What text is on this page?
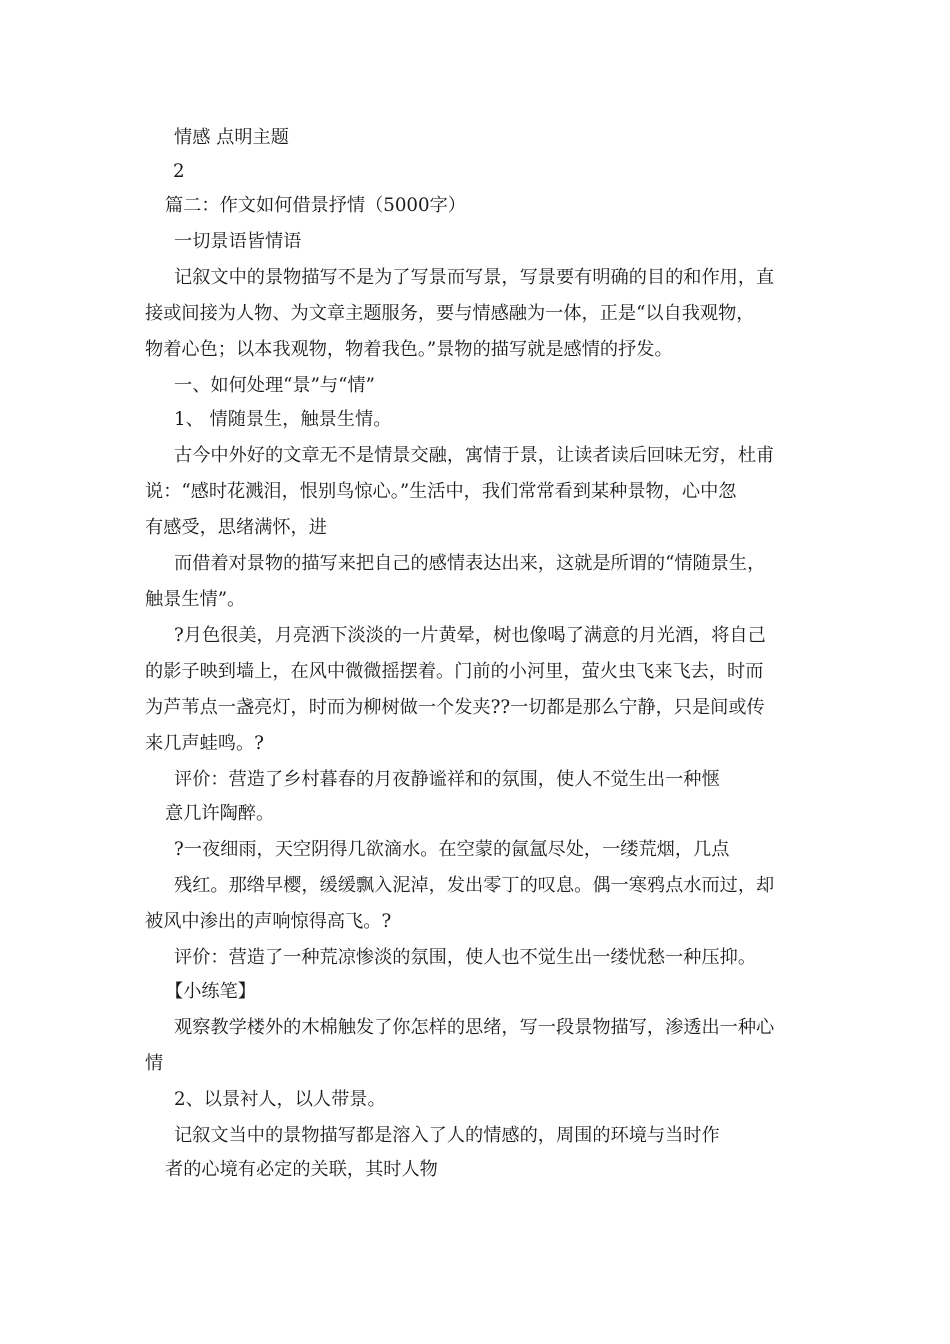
情感 点明主题

2

篇二：作文如何借景抒情（5000字）

一切景语皆情语

记叙文中的景物描写不是为了写景而写景，写景要有明确的目的和作用，直

接或间接为人物、为文章主题服务，要与情感融为一体，正是“以自我观物，

物着心色；以本我观物，物着我色。”景物的描写就是感情的抒发。

一、如何处理“景”与“情”

1、 情随景生，触景生情。

古今中外好的文章无不是情景交融，寓情于景，让读者读后回味无穷，杜甫

说：“感时花溅泪，恨别鸟惊心。”生活中，我们常常看到某种景物，心中忽

有感受，思绪满怀，进

而借着对景物的描写来把自己的感情表达出来，这就是所谓的“情随景生，

触景生情”。

?月色很美，月亮洒下淡淡的一片黄晕，树也像喝了满意的月光酒，将自己

的影子映到墙上，在风中微微摇摆着。门前的小河里，萤火虫飞来飞去，时而

为芦苇点一盏亮灯，时而为柳树做一个发夹??一切都是那么宁静，只是间或传

来几声蛙鸣。?

评价：营造了乡村暮春的月夜静谧祥和的氛围，使人不觉生出一种惬

意几许陶醉。

?一夜细雨，天空阴得几欲滴水。在空蒙的氤氲尽处，一缕荒烟，几点

残红。那绺早樱，缓缓飘入泥淖，发出零丁的叹息。偶一寒鸦点水而过，却

被风中渗出的声响惊得高飞。?

评价：营造了一种荒凉惨淡的氛围，使人也不觉生出一缕忧愁一种压抑。

【小练笔】

观察教学楼外的木棉触发了你怎样的思绪，写一段景物描写，渗透出一种心

情

2、以景衬人，以人带景。

记叙文当中的景物描写都是溶入了人的情感的，周围的环境与当时作

者的心境有必定的关联，其时人物
